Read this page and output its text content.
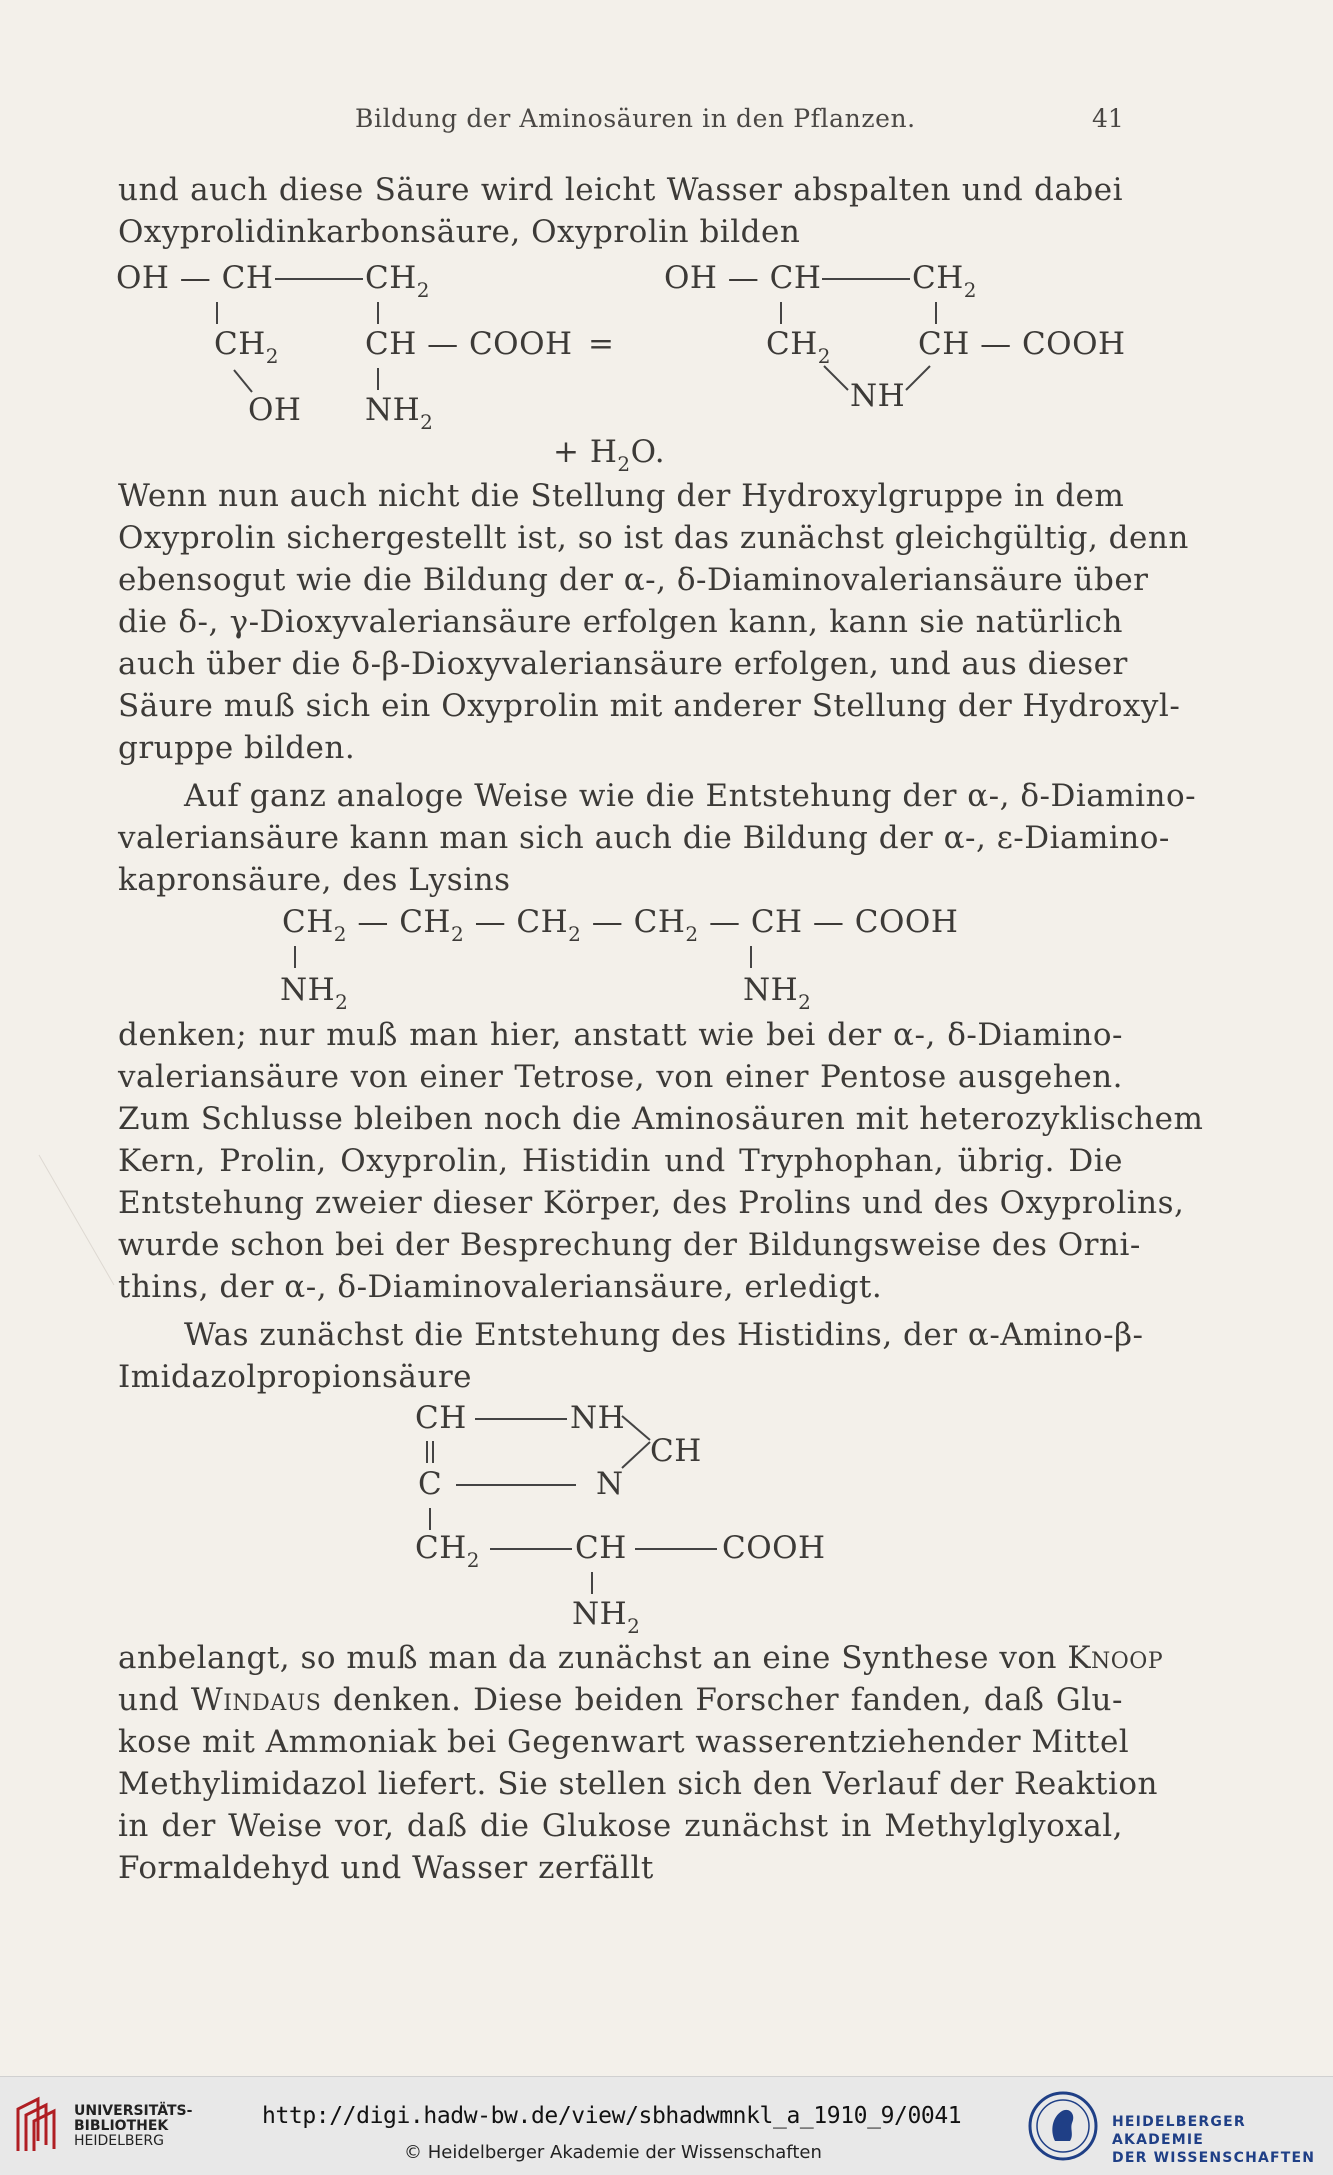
Bildung der Aminosäuren in den Pflanzen.	41
und auch diese Säure wird leicht Wasser abspalten und dabei
Oxyprolidinkarbonsäure, Oxyprolin bilden
OH — CH	$CH_2$
$CH_2$	CH — COOH =
OH $NH_2$
OH — CH	$CH_2$
$CH_2$	CH — COOH
NH
+ $H_2O$.
Wenn nun auch nicht die Stellung der Hydroxylgruppe in dem
Oxyprolin sichergestellt ist, so ist das zunächst gleichgültig, denn
ebensogut wie die Bildung der α-, δ-Diaminovaleriansäure über
die δ-, γ-Dioxyvaleriansäure erfolgen kann, kann sie natürlich
auch über die δ-β-Dioxyvaleriansäure erfolgen, und aus dieser
Säure muß sich ein Oxyprolin mit anderer Stellung der Hydroxyl-
gruppe bilden.
Auf ganz analoge Weise wie die Entstehung der α-, δ-Diamino-
valeriansäure kann man sich auch die Bildung der α-, ε-Diamino-
kapronsäure, des Lysins
$CH_2$ — $CH_2$ — $CH_2$ — $CH_2$ — CH — COOH
$NH_2$	$NH_2$
denken; nur muß man hier, anstatt wie bei der α-, δ-Diamino-
valeriansäure von einer Tetrose, von einer Pentose ausgehen.
Zum Schlusse bleiben noch die Aminosäuren mit heterozyklischem
Kern, Prolin, Oxyprolin, Histidin und Tryphophan, übrig. Die
Entstehung zweier dieser Körper, des Prolins und des Oxyprolins,
wurde schon bei der Besprechung der Bildungsweise des Orni-
thins, der α-, δ-Diaminovaleriansäure, erledigt.
Was zunächst die Entstehung des Histidins, der α-Amino-β-
Imidazolpropionsäure
CH	NH
CH
C	N
$CH_2$	CH	COOH
$NH_2$
anbelangt, so muß man da zunächst an eine Synthese von Knoop
und Windaus denken. Diese beiden Forscher fanden, daß Glu-
kose mit Ammoniak bei Gegenwart wasserentziehender Mittel
Methylimidazol liefert. Sie stellen sich den Verlauf der Reaktion
in der Weise vor, daß die Glukose zunächst in Methylglyoxal,
Formaldehyd und Wasser zerfällt
UNIVERSITÄTS-
BIBLIOTHEK
HEIDELBERG
http://digi.hadw-bw.de/view/sbhadwmnkl_a_1910_9/0041
© Heidelberger Akademie der Wissenschaften
HEIDELBERGER AKADEMIE
DER WISSENSCHAFTEN
